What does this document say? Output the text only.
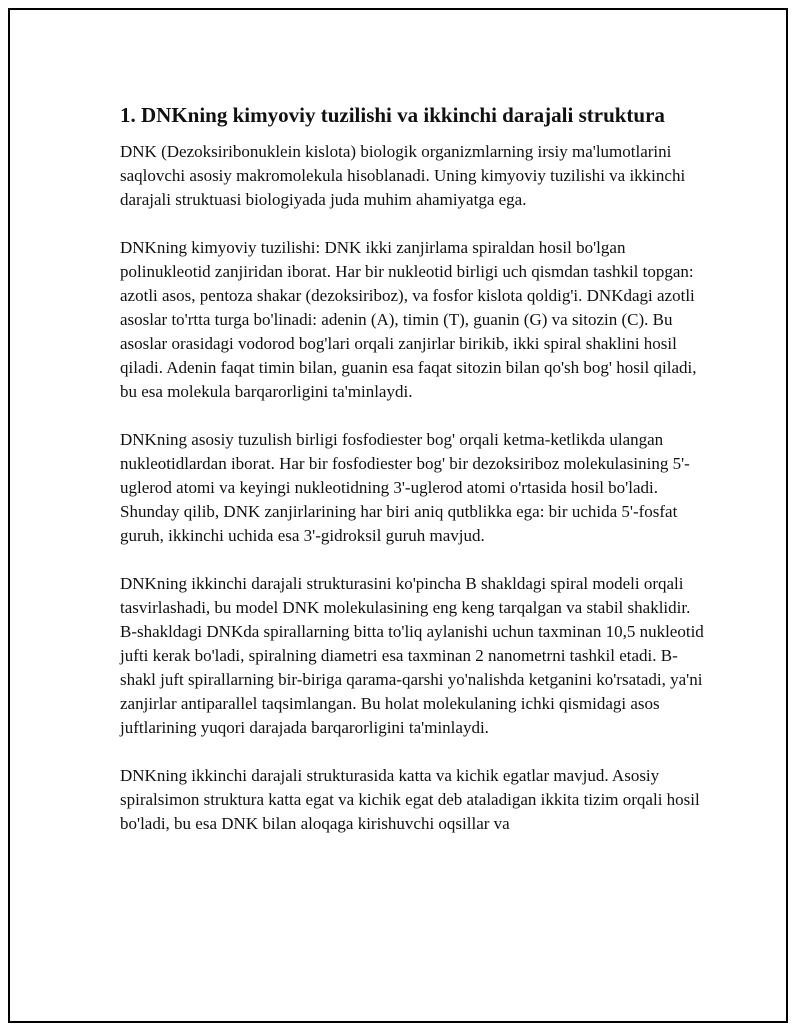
1. DNKning kimyoviy tuzilishi va ikkinchi darajali struktura

DNK (Dezoksiribonuklein kislota) biologik organizmlarning irsiy ma'lumotlarini saqlovchi asosiy makromolekula hisoblanadi. Uning kimyoviy tuzilishi va ikkinchi darajali struktuasi biologiyada juda muhim ahamiyatga ega.

DNKning kimyoviy tuzilishi: DNK ikki zanjirlama spiraldan hosil bo'lgan polinukleotid zanjiridan iborat. Har bir nukleotid birligi uch qismdan tashkil topgan: azotli asos, pentoza shakar (dezoksiriboz), va fosfor kislota qoldig'i. DNKdagi azotli asoslar to'rtta turga bo'linadi: adenin (A), timin (T), guanin (G) va sitozin (C). Bu asoslar orasidagi vodorod bog'lari orqali zanjirlar birikib, ikki spiral shaklini hosil qiladi. Adenin faqat timin bilan, guanin esa faqat sitozin bilan qo'sh bog' hosil qiladi, bu esa molekula barqarorligini ta'minlaydi.

DNKning asosiy tuzulish birligi fosfodiester bog' orqali ketma-ketlikda ulangan nukleotidlardan iborat. Har bir fosfodiester bog' bir dezoksiriboz molekulasining 5'-uglerod atomi va keyingi nukleotidning 3'-uglerod atomi o'rtasida hosil bo'ladi. Shunday qilib, DNK zanjirlarining har biri aniq qutblikka ega: bir uchida 5'-fosfat guruh, ikkinchi uchida esa 3'-gidroksil guruh mavjud.

DNKning ikkinchi darajali strukturasini ko'pincha B shakldagi spiral modeli orqali tasvirlashadi, bu model DNK molekulasining eng keng tarqalgan va stabil shaklidir. B-shakldagi DNKda spirallarning bitta to'liq aylanishi uchun taxminan 10,5 nukleotid jufti kerak bo'ladi, spiralning diametri esa taxminan 2 nanometrni tashkil etadi. B-shakl juft spirallarning bir-biriga qarama-qarshi yo'nalishda ketganini ko'rsatadi, ya'ni zanjirlar antiparallel taqsimlangan. Bu holat molekulaning ichki qismidagi asos juftlarining yuqori darajada barqarorligini ta'minlaydi.

DNKning ikkinchi darajali strukturasida katta va kichik egatlar mavjud. Asosiy spiralsimon struktura katta egat va kichik egat deb ataladigan ikkita tizim orqali hosil bo'ladi, bu esa DNK bilan aloqaga kirishuvchi oqsillar va
